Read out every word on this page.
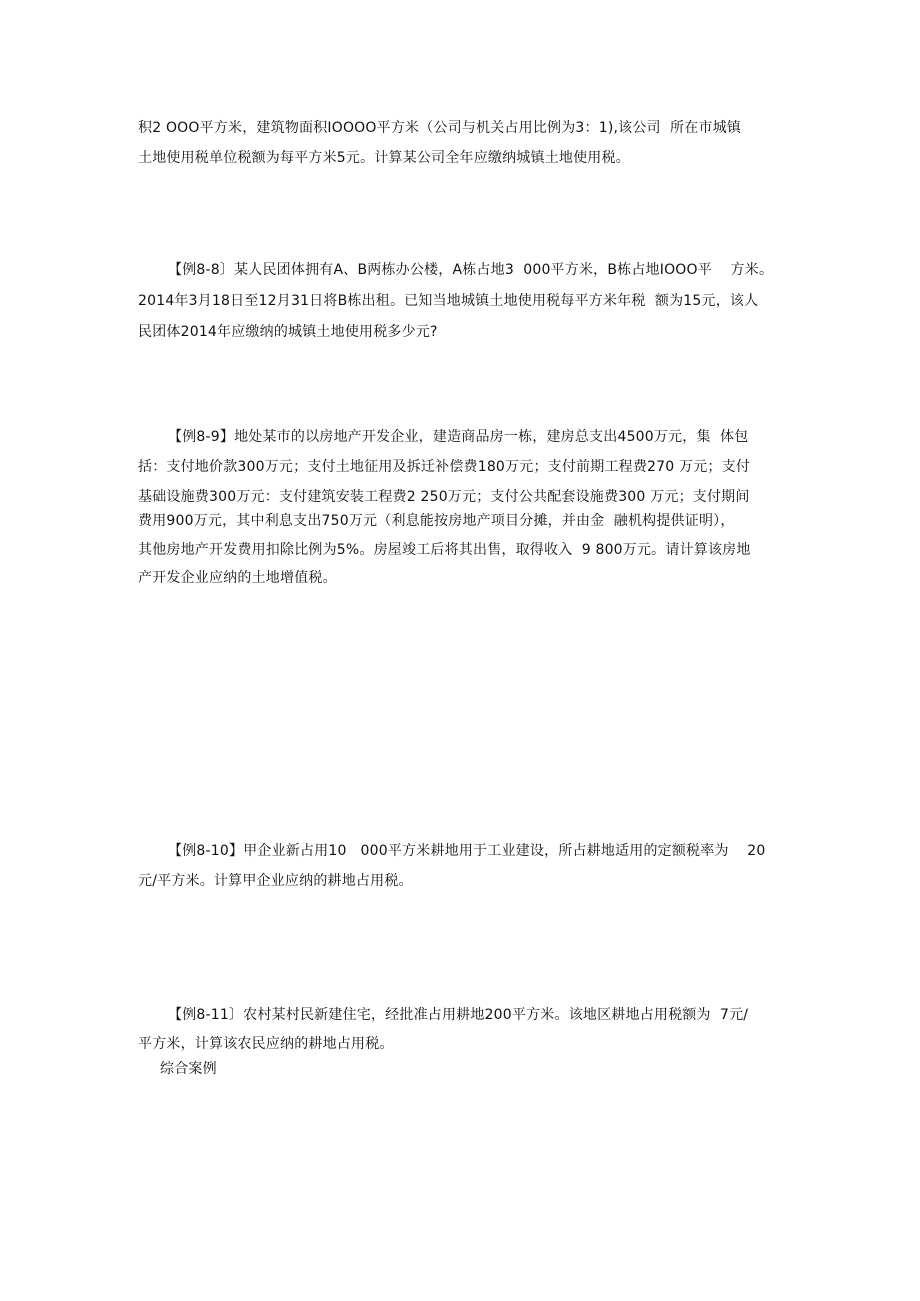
积2 OOO平方米，建筑物面积IOOOO平方米（公司与机关占用比例为3：1),该公司  所在市城镇
土地使用税单位税额为每平方米5元。计算某公司全年应缴纳城镇土地使用税。
【例8-8〕某人民团体拥有A、B两栋办公楼，A栋占地3  000平方米，B栋占地IOOO平    方米。
2014年3月18日至12月31日将B栋出租。已知当地城镇土地使用税每平方米年税  额为15元，该人
民团体2014年应缴纳的城镇土地使用税多少元?
【例8-9】地处某市的以房地产开发企业，建造商品房一栋，建房总支出4500万元，集  体包
括：支付地价款300万元；支付土地征用及拆迁补偿费180万元；支付前期工程费270 万元；支付
基础设施费300万元：支付建筑安装工程费2 250万元；支付公共配套设施费300 万元；支付期间
费用900万元，其中利息支出750万元（利息能按房地产项目分摊，并由金  融机构提供证明），
其他房地产开发费用扣除比例为5%。房屋竣工后将其出售，取得收入  9 800万元。请计算该房地
产开发企业应纳的土地增值税。
【例8-10】甲企业新占用10   000平方米耕地用于工业建设，所占耕地适用的定额税率为    20
元/平方米。计算甲企业应纳的耕地占用税。
【例8-11〕农村某村民新建住宅，经批准占用耕地200平方米。该地区耕地占用税额为  7元/
平方米，计算该农民应纳的耕地占用税。
综合案例
